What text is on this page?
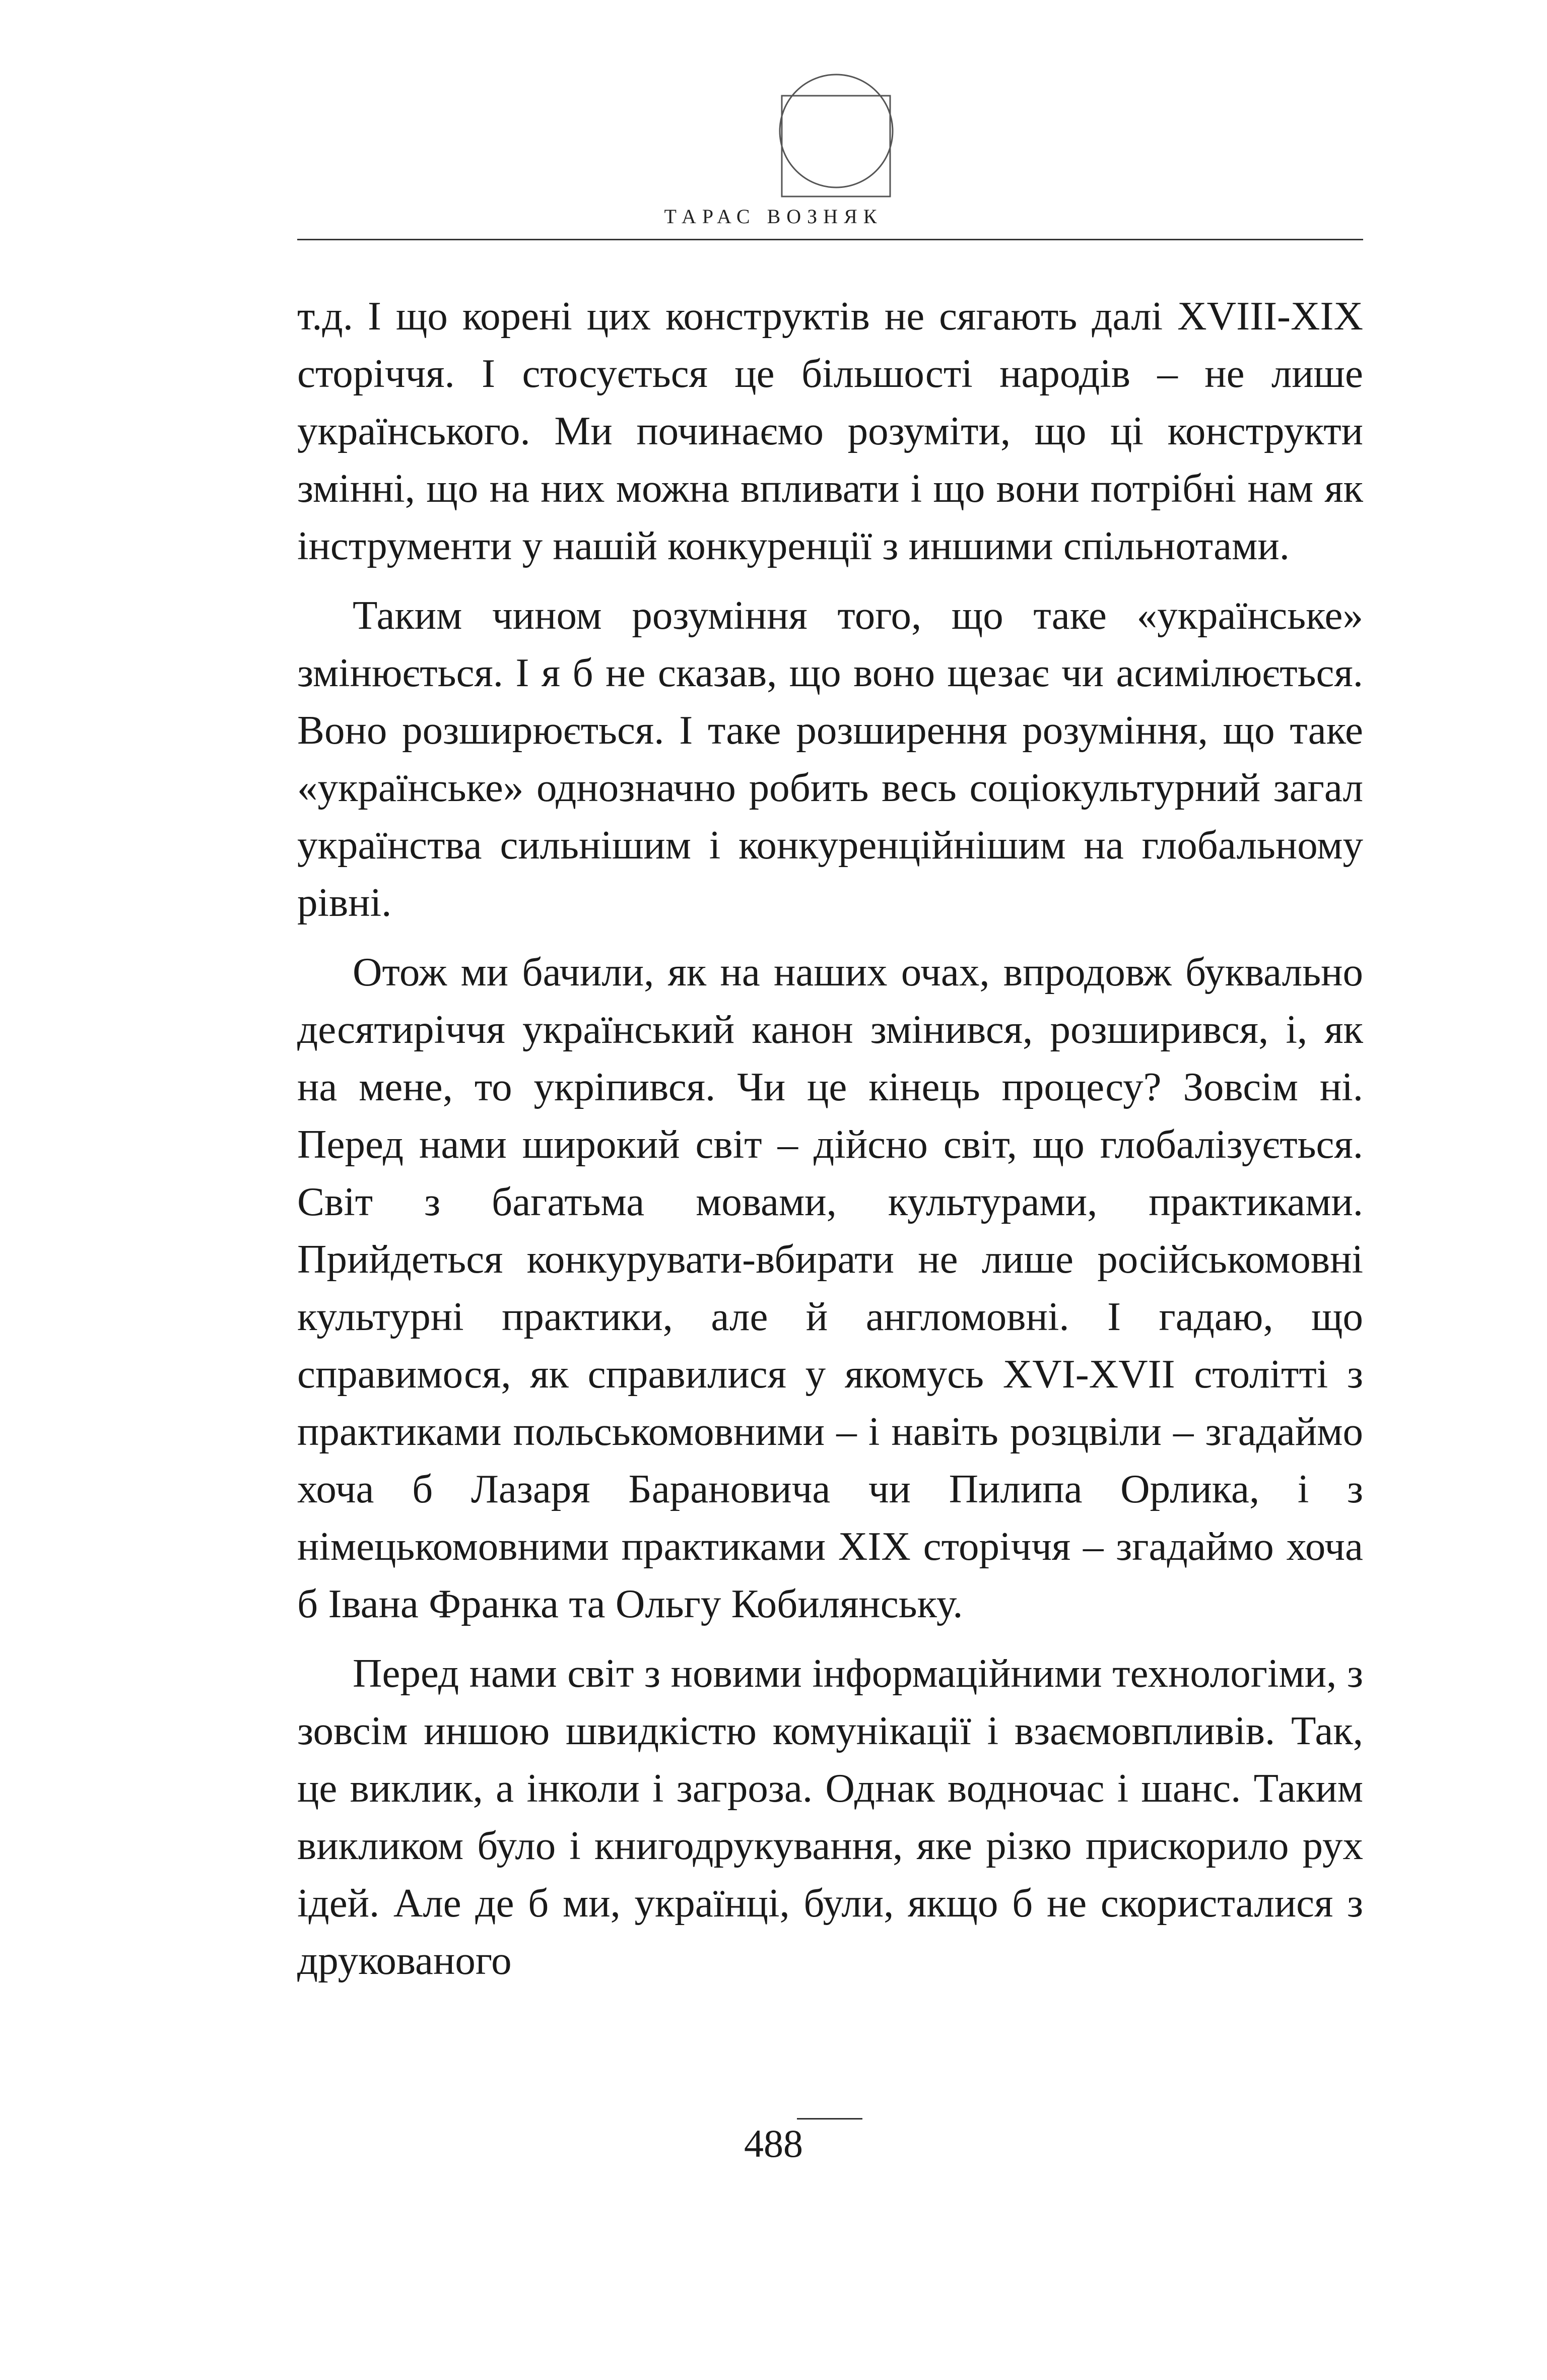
ТАРАС ВОЗНЯК

т.д. І що корені цих конструктів не сягають далі XVIII-XIX сторіччя. І стосується це більшості народів – не лише українського. Ми починаємо розуміти, що ці конструкти змінні, що на них можна впливати і що вони потрібні нам як інструменти у нашій конкуренції з иншими спільнотами.

Таким чином розуміння того, що таке «українське» змінюється. І я б не сказав, що воно щезає чи асимілюється. Воно розширюється. І таке розширення розуміння, що таке «українське» однозначно робить весь соціокультурний загал українства сильнішим і конкуренційнішим на глобальному рівні.

Отож ми бачили, як на наших очах, впродовж буквально десятиріччя український канон змінився, розширився, і, як на мене, то укріпився. Чи це кінець процесу? Зовсім ні. Перед нами широкий світ – дійсно світ, що глобалізується. Світ з багатьма мовами, культурами, практиками. Прийдеться конкурувати-вбирати не лише російськомовні культурні практики, але й англомовні. І гадаю, що справимося, як справилися у якомусь XVI-XVII столітті з практиками польськомовними – і навіть розцвіли – згадаймо хоча б Лазаря Барановича чи Пилипа Орлика, і з німецькомовними практиками XIX сторіччя – згадаймо хоча б Івана Франка та Ольгу Кобилянську.

Перед нами світ з новими інформаційними технологіми, з зовсім иншою швидкістю комунікації і взаємовпливів. Так, це виклик, а інколи і загроза. Однак водночас і шанс. Таким викликом було і книгодрукування, яке різко прискорило рух ідей. Але де б ми, українці, були, якщо б не скористалися з друкованого

488
